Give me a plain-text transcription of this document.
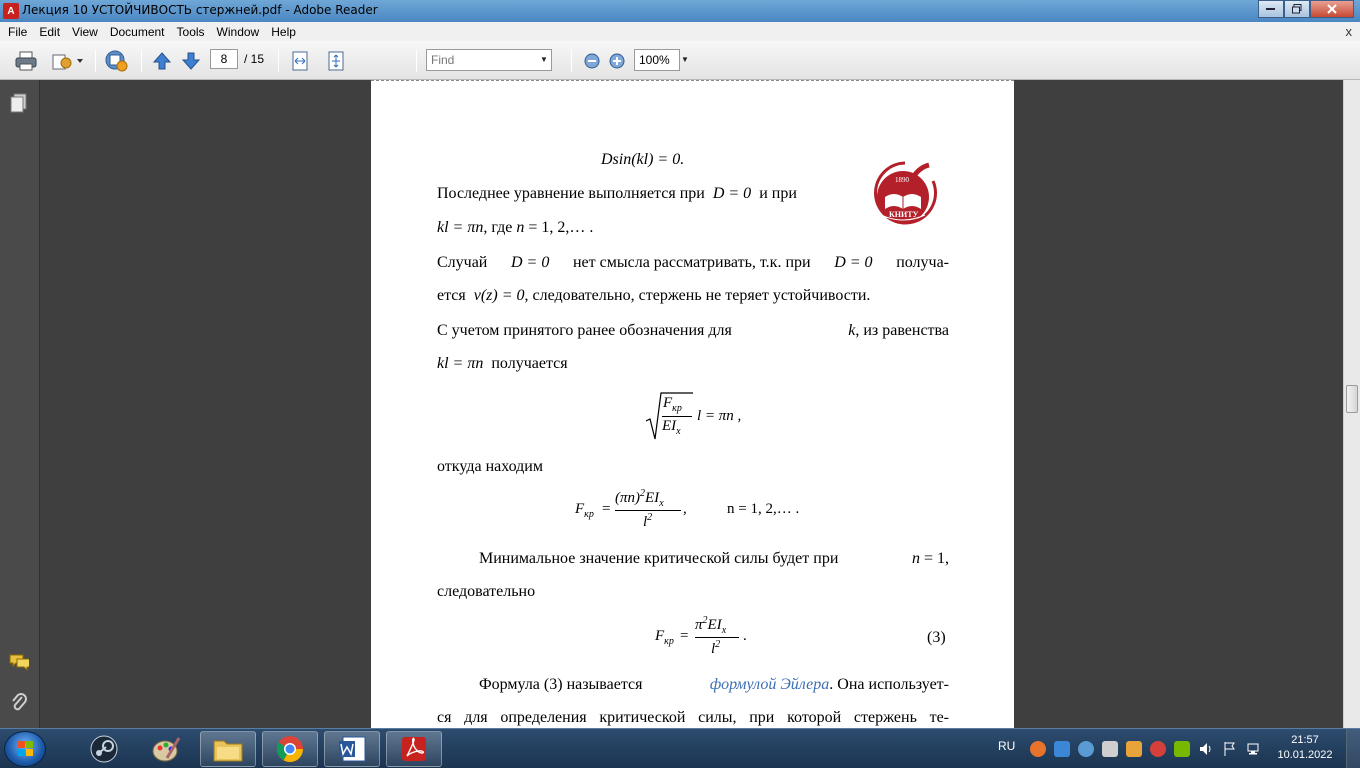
A Лекция 10 УСТОЙЧИВОСТЬ стержней.pdf - Adobe Reader
File	Edit	View	Document	Tools	Window	Help	x
8	/ 15	Find	▼	100%	▼
Dsin(kl) = 0.
1890
КНИТУ
Последнее уравнение выполняется при D = 0 и при
kl = πn, где n = 1, 2,… .
Случай D = 0 нет смысла рассматривать, т.к. при D = 0 получа-
ется v(z) = 0, следовательно, стержень не теряет устойчивости.
С учетом принятого ранее обозначения для	k, из равенства
kl = πn получается
$F_{кр}$
$EI_x$
l = πn ,
откуда находим
$F_{кр}$ =
$(\pi n)^2EI_x$
$l^2$
,	n = 1, 2,… .
Минимальное значение критической силы будет при	n = 1,
следовательно
$F_{кр}$ =
$\pi^2EI_x$
$l^2$
.	(3)
Формула (3) называется	формулой Эйлера. Она использует-
ся для определения критической силы, при которой стержень те-
RU	21:57
10.01.2022
